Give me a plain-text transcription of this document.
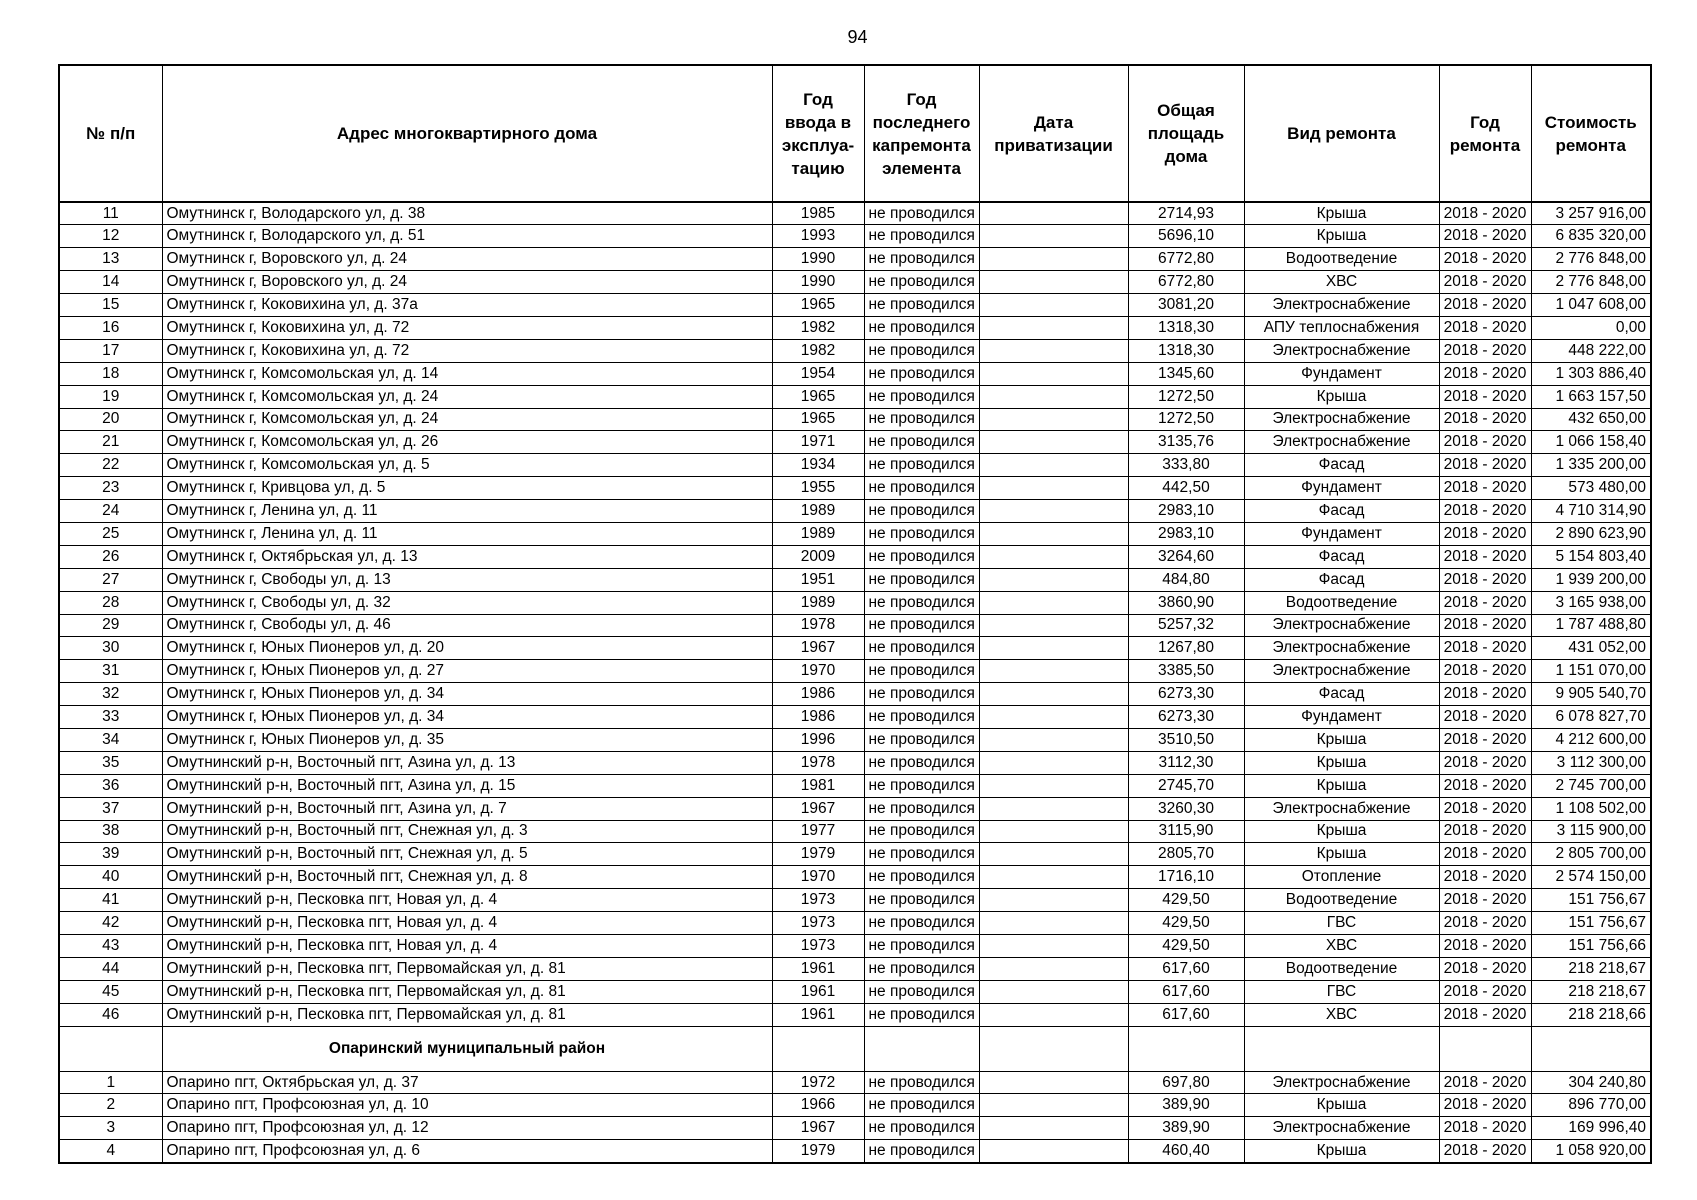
94
№ п/п	Адрес многоквартирного дома	Год ввода в эксплуа-тацию	Год последнего капремонта элемента	Дата приватизации	Общая площадь дома	Вид ремонта	Год ремонта	Стоимость ремонта
11	Омутнинск г, Володарского ул, д. 38	1985	не проводился		2714,93	Крыша	2018 - 2020	3 257 916,00
12	Омутнинск г, Володарского ул, д. 51	1993	не проводился		5696,10	Крыша	2018 - 2020	6 835 320,00
13	Омутнинск г, Воровского ул, д. 24	1990	не проводился		6772,80	Водоотведение	2018 - 2020	2 776 848,00
14	Омутнинск г, Воровского ул, д. 24	1990	не проводился		6772,80	ХВС	2018 - 2020	2 776 848,00
15	Омутнинск г, Коковихина ул, д. 37а	1965	не проводился		3081,20	Электроснабжение	2018 - 2020	1 047 608,00
16	Омутнинск г, Коковихина ул, д. 72	1982	не проводился		1318,30	АПУ теплоснабжения	2018 - 2020	0,00
17	Омутнинск г, Коковихина ул, д. 72	1982	не проводился		1318,30	Электроснабжение	2018 - 2020	448 222,00
18	Омутнинск г, Комсомольская ул, д. 14	1954	не проводился		1345,60	Фундамент	2018 - 2020	1 303 886,40
19	Омутнинск г, Комсомольская ул, д. 24	1965	не проводился		1272,50	Крыша	2018 - 2020	1 663 157,50
20	Омутнинск г, Комсомольская ул, д. 24	1965	не проводился		1272,50	Электроснабжение	2018 - 2020	432 650,00
21	Омутнинск г, Комсомольская ул, д. 26	1971	не проводился		3135,76	Электроснабжение	2018 - 2020	1 066 158,40
22	Омутнинск г, Комсомольская ул, д. 5	1934	не проводился		333,80	Фасад	2018 - 2020	1 335 200,00
23	Омутнинск г, Кривцова ул, д. 5	1955	не проводился		442,50	Фундамент	2018 - 2020	573 480,00
24	Омутнинск г, Ленина ул, д. 11	1989	не проводился		2983,10	Фасад	2018 - 2020	4 710 314,90
25	Омутнинск г, Ленина ул, д. 11	1989	не проводился		2983,10	Фундамент	2018 - 2020	2 890 623,90
26	Омутнинск г, Октябрьская ул, д. 13	2009	не проводился		3264,60	Фасад	2018 - 2020	5 154 803,40
27	Омутнинск г, Свободы ул, д. 13	1951	не проводился		484,80	Фасад	2018 - 2020	1 939 200,00
28	Омутнинск г, Свободы ул, д. 32	1989	не проводился		3860,90	Водоотведение	2018 - 2020	3 165 938,00
29	Омутнинск г, Свободы ул, д. 46	1978	не проводился		5257,32	Электроснабжение	2018 - 2020	1 787 488,80
30	Омутнинск г, Юных Пионеров ул, д. 20	1967	не проводился		1267,80	Электроснабжение	2018 - 2020	431 052,00
31	Омутнинск г, Юных Пионеров ул, д. 27	1970	не проводился		3385,50	Электроснабжение	2018 - 2020	1 151 070,00
32	Омутнинск г, Юных Пионеров ул, д. 34	1986	не проводился		6273,30	Фасад	2018 - 2020	9 905 540,70
33	Омутнинск г, Юных Пионеров ул, д. 34	1986	не проводился		6273,30	Фундамент	2018 - 2020	6 078 827,70
34	Омутнинск г, Юных Пионеров ул, д. 35	1996	не проводился		3510,50	Крыша	2018 - 2020	4 212 600,00
35	Омутнинский р-н, Восточный пгт, Азина ул, д. 13	1978	не проводился		3112,30	Крыша	2018 - 2020	3 112 300,00
36	Омутнинский р-н, Восточный пгт, Азина ул, д. 15	1981	не проводился		2745,70	Крыша	2018 - 2020	2 745 700,00
37	Омутнинский р-н, Восточный пгт, Азина ул, д. 7	1967	не проводился		3260,30	Электроснабжение	2018 - 2020	1 108 502,00
38	Омутнинский р-н, Восточный пгт, Снежная ул, д. 3	1977	не проводился		3115,90	Крыша	2018 - 2020	3 115 900,00
39	Омутнинский р-н, Восточный пгт, Снежная ул, д. 5	1979	не проводился		2805,70	Крыша	2018 - 2020	2 805 700,00
40	Омутнинский р-н, Восточный пгт, Снежная ул, д. 8	1970	не проводился		1716,10	Отопление	2018 - 2020	2 574 150,00
41	Омутнинский р-н, Песковка пгт, Новая ул, д. 4	1973	не проводился		429,50	Водоотведение	2018 - 2020	151 756,67
42	Омутнинский р-н, Песковка пгт, Новая ул, д. 4	1973	не проводился		429,50	ГВС	2018 - 2020	151 756,67
43	Омутнинский р-н, Песковка пгт, Новая ул, д. 4	1973	не проводился		429,50	ХВС	2018 - 2020	151 756,66
44	Омутнинский р-н, Песковка пгт, Первомайская ул, д. 81	1961	не проводился		617,60	Водоотведение	2018 - 2020	218 218,67
45	Омутнинский р-н, Песковка пгт, Первомайская ул, д. 81	1961	не проводился		617,60	ГВС	2018 - 2020	218 218,67
46	Омутнинский р-н, Песковка пгт, Первомайская ул, д. 81	1961	не проводился		617,60	ХВС	2018 - 2020	218 218,66
	Опаринский муниципальный район							
1	Опарино пгт, Октябрьская ул, д. 37	1972	не проводился		697,80	Электроснабжение	2018 - 2020	304 240,80
2	Опарино пгт, Профсоюзная ул, д. 10	1966	не проводился		389,90	Крыша	2018 - 2020	896 770,00
3	Опарино пгт, Профсоюзная ул, д. 12	1967	не проводился		389,90	Электроснабжение	2018 - 2020	169 996,40
4	Опарино пгт, Профсоюзная ул, д. 6	1979	не проводился		460,40	Крыша	2018 - 2020	1 058 920,00
